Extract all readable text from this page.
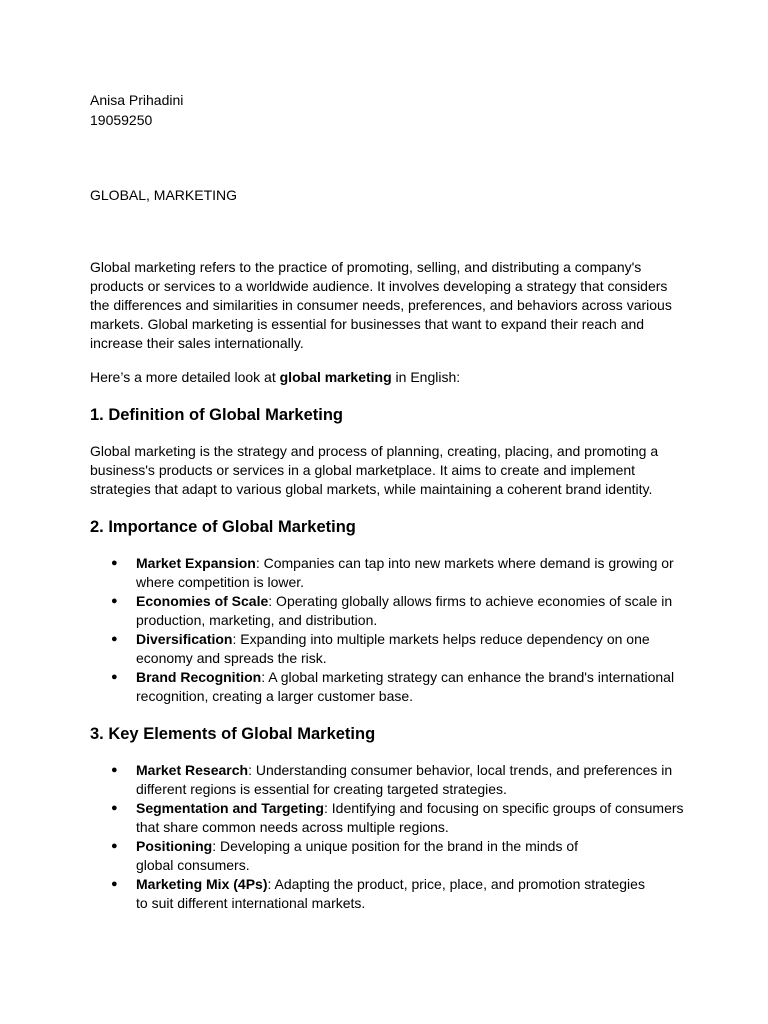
Anisa Prihadini
19059250
GLOBAL, MARKETING
Global marketing refers to the practice of promoting, selling, and distributing a company's products or services to a worldwide audience. It involves developing a strategy that considers the differences and similarities in consumer needs, preferences, and behaviors across various markets. Global marketing is essential for businesses that want to expand their reach and increase their sales internationally.
Here’s a more detailed look at global marketing in English:
1. Definition of Global Marketing
Global marketing is the strategy and process of planning, creating, placing, and promoting a business's products or services in a global marketplace. It aims to create and implement strategies that adapt to various global markets, while maintaining a coherent brand identity.
2. Importance of Global Marketing
● Market Expansion: Companies can tap into new markets where demand is growing or where competition is lower.
● Economies of Scale: Operating globally allows firms to achieve economies of scale in production, marketing, and distribution.
● Diversification: Expanding into multiple markets helps reduce dependency on one economy and spreads the risk.
● Brand Recognition: A global marketing strategy can enhance the brand's international recognition, creating a larger customer base.
3. Key Elements of Global Marketing
● Market Research: Understanding consumer behavior, local trends, and preferences in different regions is essential for creating targeted strategies.
● Segmentation and Targeting: Identifying and focusing on specific groups of consumers that share common needs across multiple regions.
● Positioning: Developing a unique position for the brand in the minds of global consumers.
● Marketing Mix (4Ps): Adapting the product, price, place, and promotion strategies to suit different international markets.
